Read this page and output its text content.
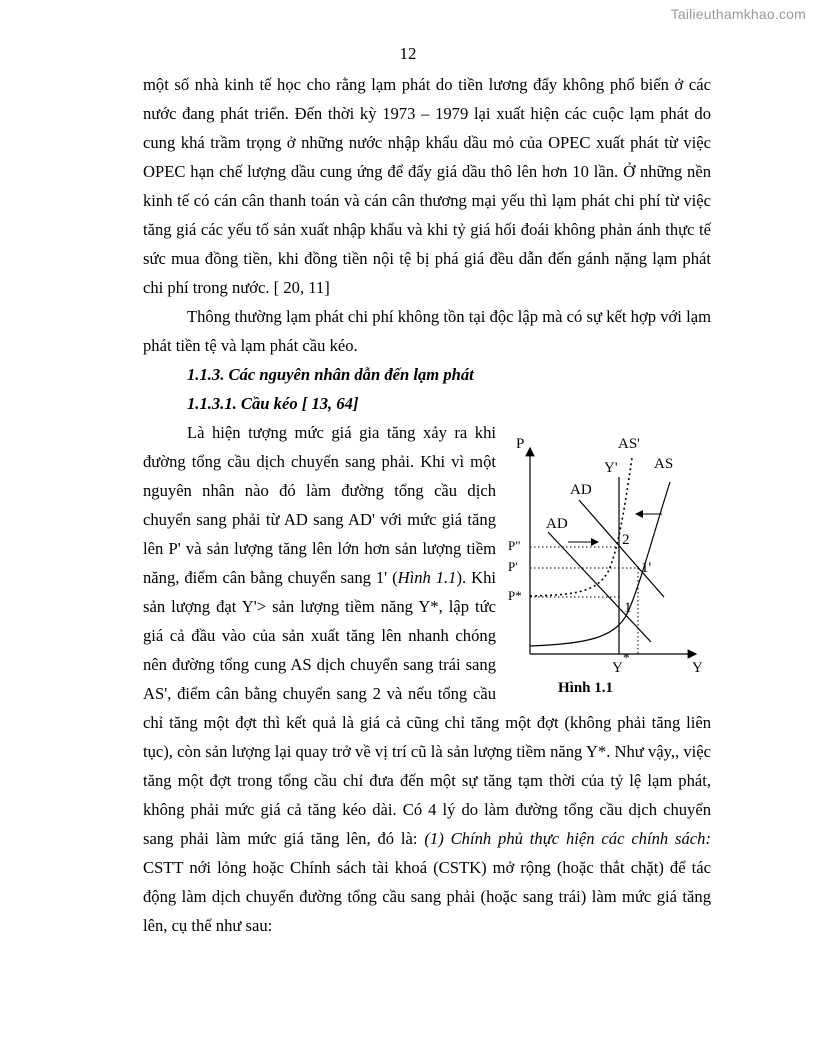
Tailieuthamkhao.com
12

một số nhà kinh tế học cho rằng lạm phát do tiền lương đẩy không phổ biến ở các nước đang phát triển. Đến thời kỳ 1973 – 1979 lại xuất hiện các cuộc lạm phát do cung khá trầm trọng ở những nước nhập khẩu dầu mỏ của OPEC xuất phát từ việc OPEC hạn chế lượng dầu cung ứng để đẩy giá dầu thô lên hơn 10 lần. Ở những nền kinh tế có cán cân thanh toán và cán cân thương mại yếu thì lạm phát chi phí từ việc tăng giá các yếu tố sản xuất nhập khẩu và khi tỷ giá hối đoái không phản ánh thực tế sức mua đồng tiền, khi đồng tiền nội tệ bị phá giá đều dẫn đến gánh nặng lạm phát chi phí trong nước. [ 20, 11]

Thông thường lạm phát chi phí không tồn tại độc lập mà có sự kết hợp với lạm phát tiền tệ và lạm phát cầu kéo.

1.1.3. Các nguyên nhân dẫn đến lạm phát

1.1.3.1. Cầu kéo [ 13, 64]

P	AS'
Y' AS
AD
AD
P"
P'
P*
2
1'
1
Y
*
Y
Hình 1.1
Là hiện tượng mức giá gia tăng xảy ra khi đường tổng cầu dịch chuyển sang phải. Khi vì một nguyên nhân nào đó làm đường tổng cầu dịch chuyển sang phải từ AD sang AD' với mức giá tăng lên P' và sản lượng tăng lên lớn hơn sản lượng tiềm năng, điểm cân bằng chuyển sang 1' (Hình 1.1). Khi sản lượng đạt Y'> sản lượng tiềm năng Y*, lập tức giá cả đầu vào của sản xuất tăng lên nhanh chóng nên đường tổng cung AS dịch chuyển sang trái sang AS', điểm cân bằng chuyển sang 2 và nếu tổng cầu chỉ tăng một đợt thì kết quả là giá cả cũng chỉ tăng một đợt (không phải tăng liên tục), còn sản lượng lại quay trở về vị trí cũ là sản lượng tiềm năng Y*. Như vậy,, việc tăng một đợt trong tổng cầu chỉ đưa đến một sự tăng tạm thời của tỷ lệ lạm phát, không phải mức giá cả tăng kéo dài. Có 4 lý do làm đường tổng cầu dịch chuyển sang phải làm mức giá tăng lên, đó là: (1) Chính phủ thực hiện các chính sách: CSTT nới lỏng hoặc Chính sách tài khoá (CSTK) mở rộng (hoặc thắt chặt) để tác động làm dịch chuyển đường tổng cầu sang phải (hoặc sang trái) làm mức giá tăng lên, cụ thể như sau:
